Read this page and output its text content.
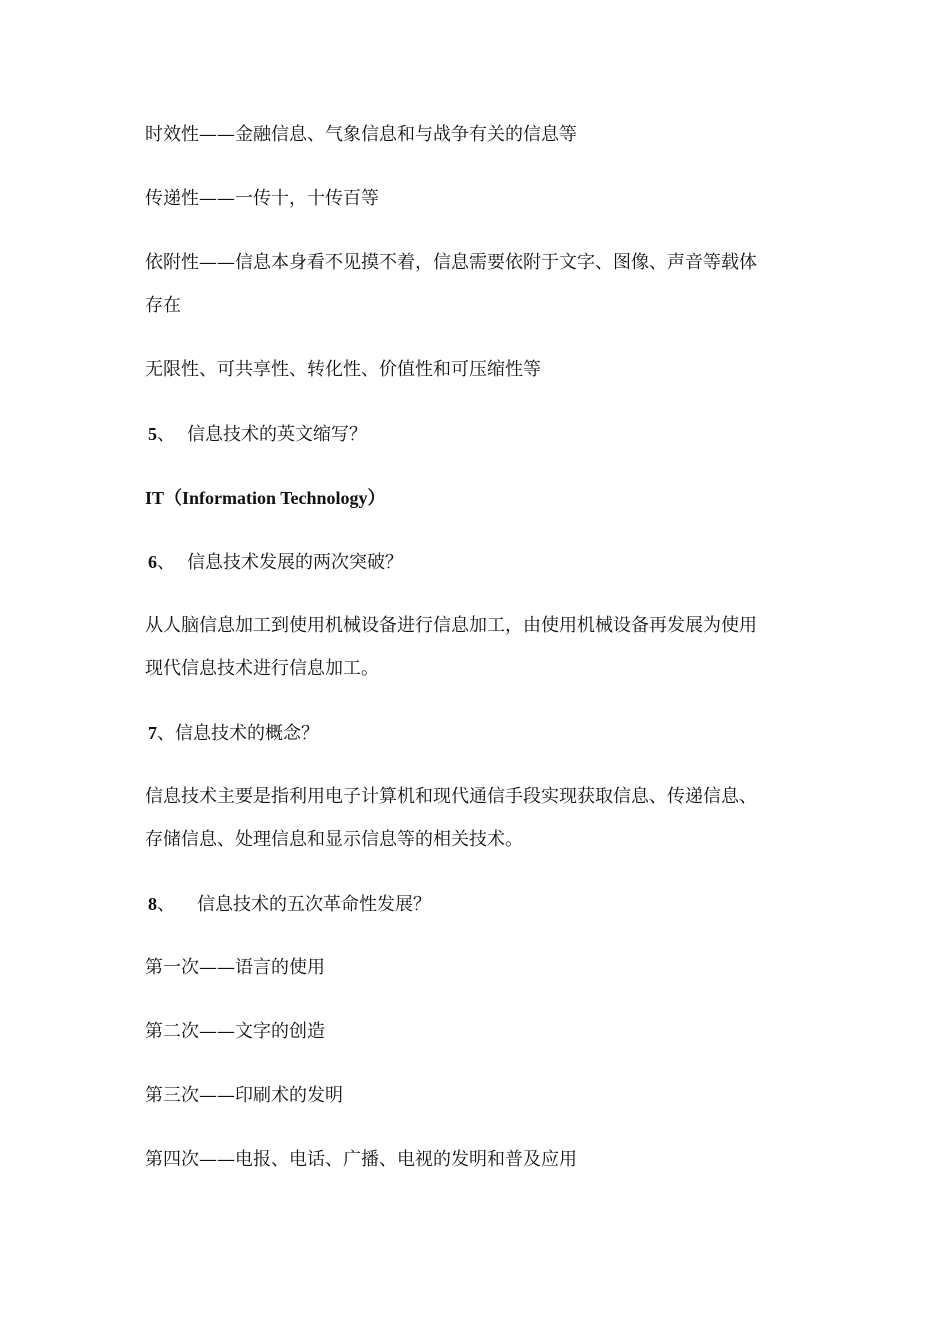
时效性——金融信息、气象信息和与战争有关的信息等
传递性——一传十，十传百等
依附性——信息本身看不见摸不着，信息需要依附于文字、图像、声音等载体
存在
无限性、可共享性、转化性、价值性和可压缩性等
5、 信息技术的英文缩写？
IT（Information Technology）
6、 信息技术发展的两次突破？
从人脑信息加工到使用机械设备进行信息加工，由使用机械设备再发展为使用
现代信息技术进行信息加工。
7、信息技术的概念？
信息技术主要是指利用电子计算机和现代通信手段实现获取信息、传递信息、
存储信息、处理信息和显示信息等的相关技术。
8、 信息技术的五次革命性发展？
第一次——语言的使用
第二次——文字的创造
第三次——印刷术的发明
第四次——电报、电话、广播、电视的发明和普及应用
